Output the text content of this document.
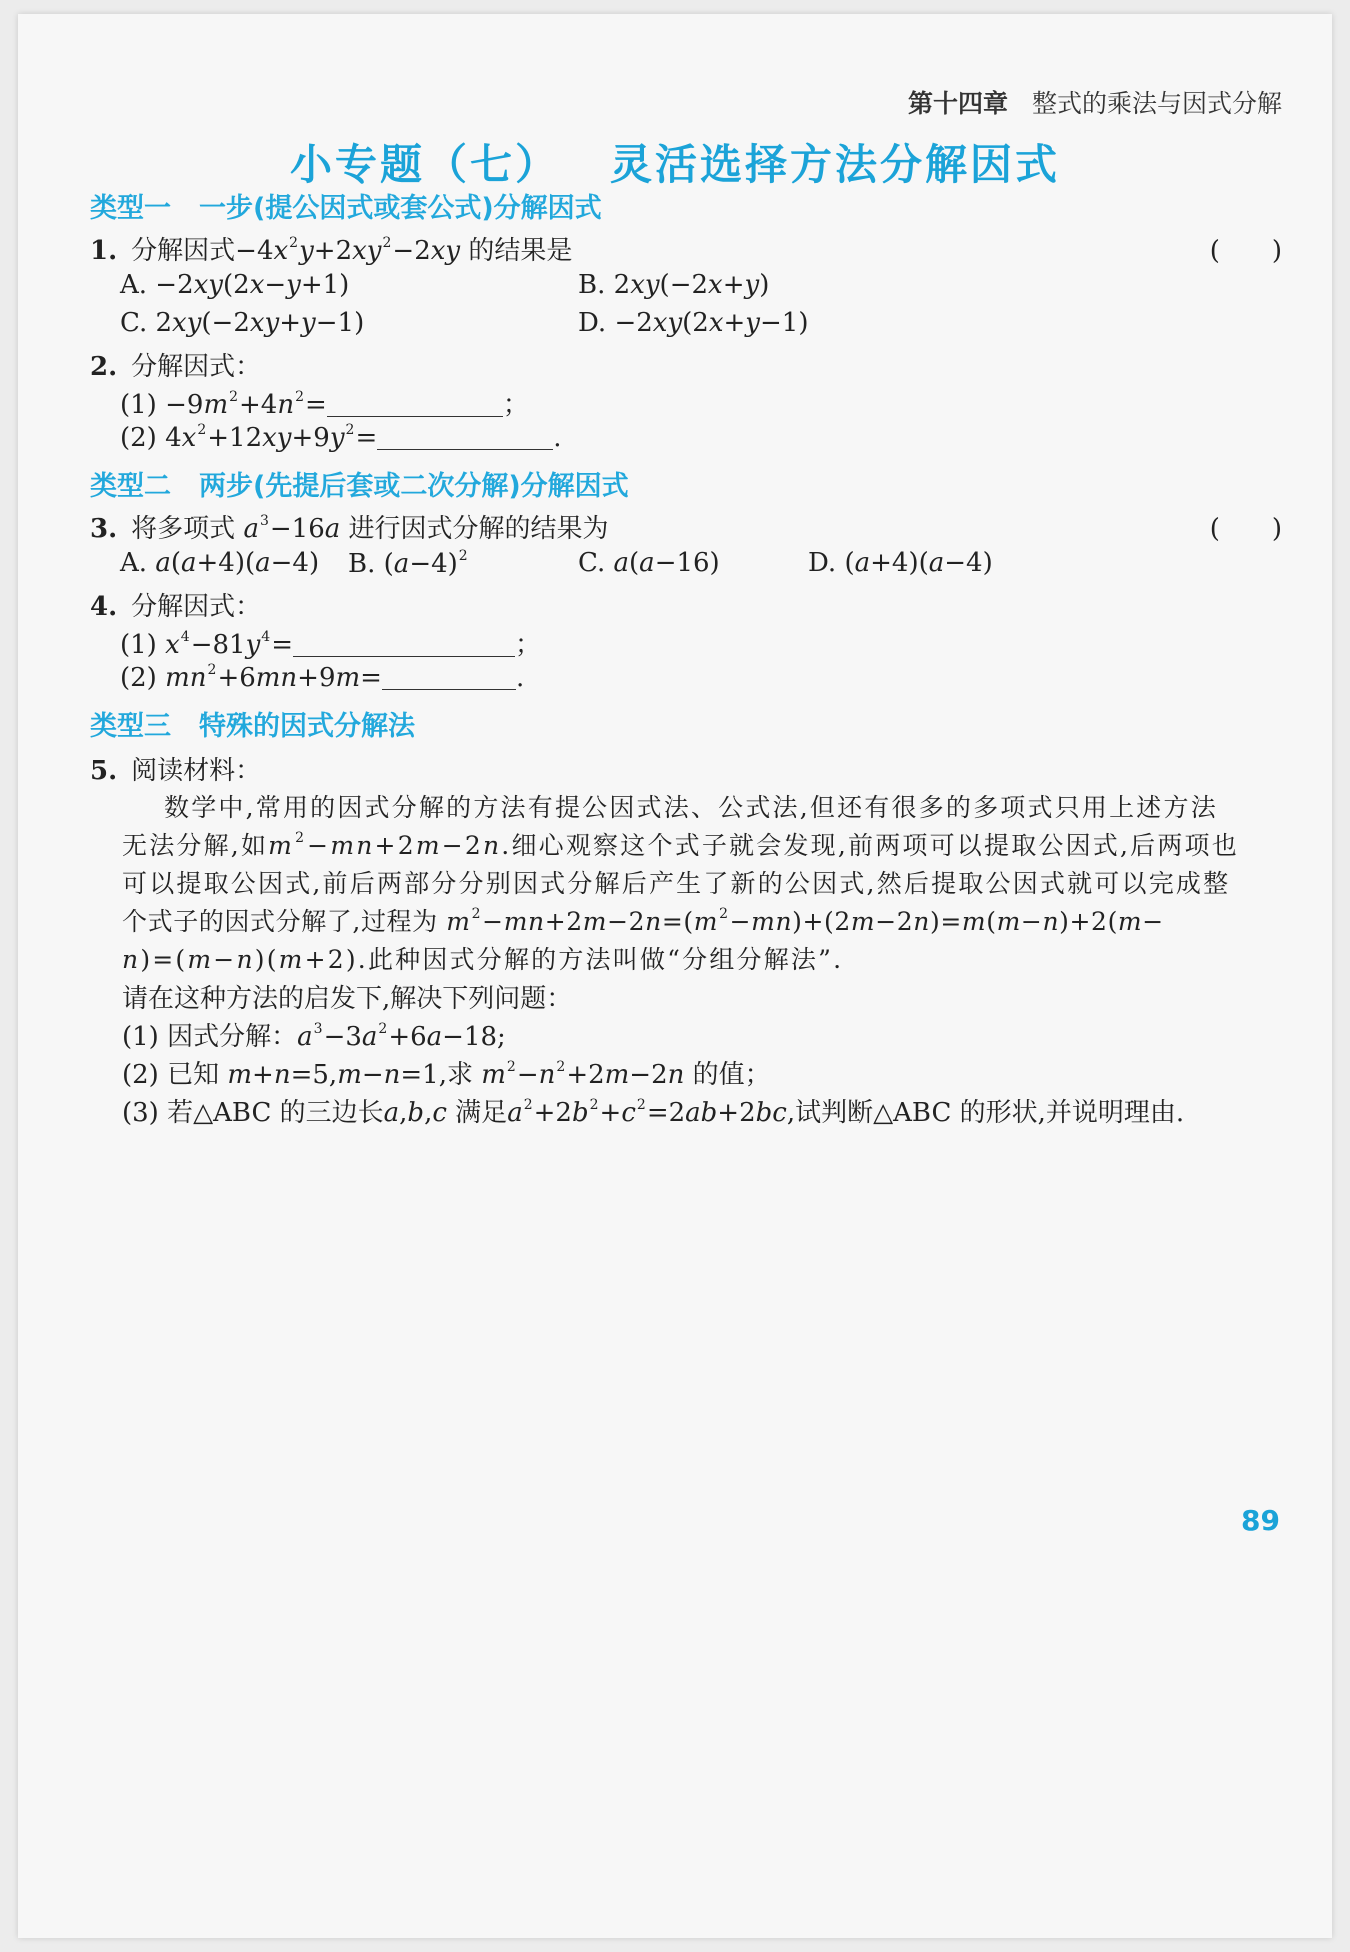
第十四章 整式的乘法与因式分解
小专题（七） 灵活选择方法分解因式
类型一 一步(提公因式或套公式)分解因式
1. 分解因式$-4x^2y+2xy^2-2xy$ 的结果是	(　　)
A. −2xy(2x−y+1)	B. 2xy(−2x+y)
C. 2xy(−2xy+y−1)	D. −2xy(2x+y−1)
2. 分解因式：
$(1) -9m^2+4n^2=$	；
(2) $4x^2+12xy+9y^2=$	.
类型二 两步(先提后套或二次分解)分解因式
3. 将多项式 $a^3-16a$ 进行因式分解的结果为	(　　)
A. a(a+4)(a−4) B. $(a-4)^2$	C. a(a−16)	D. (a+4)(a−4)
4. 分解因式：
(1) $x^4-81y^4=$	；
(2) $mn^2+6mn+9m=$	.
类型三 特殊的因式分解法
5. 阅读材料：
数学中,常用的因式分解的方法有提公因式法、公式法,但还有很多的多项式只用上述方法
无法分解,如$m^2-mn+2m-2n$.细心观察这个式子就会发现,前两项可以提取公因式,后两项也
可以提取公因式,前后两部分分别因式分解后产生了新的公因式,然后提取公因式就可以完成整
个式子的因式分解了,过程为 $m^2-mn+2m-2n=(m^2-mn)+(2m-2n)=m(m-n)+2(m-$
n)=(m−n)(m+2).此种因式分解的方法叫做“分组分解法”.
请在这种方法的启发下,解决下列问题：
(1) 因式分解：$a^3-3a^2+6a-18$;
(2) 已知 m+n=5,m−n=1,求 $m^2-n^2+2m-2n$ 的值；
(3) 若△ABC 的三边长a,b,c 满足$a^2+2b^2+c^2=2ab+2bc$,试判断△ABC 的形状,并说明理由.
89
